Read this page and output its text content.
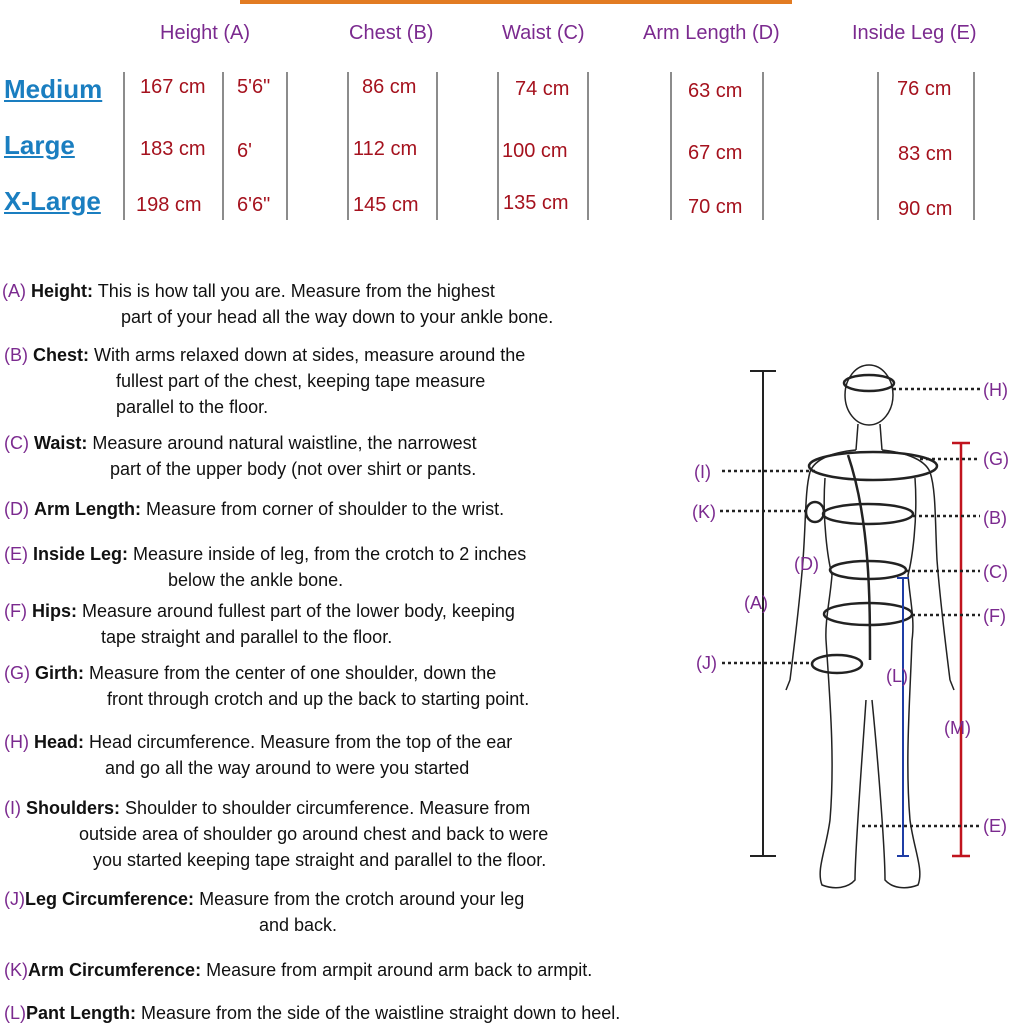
Height (A)	Chest (B)	Waist (C)	Arm Length (D)	Inside Leg (E)
Medium 167 cm 5'6"	86 cm	74 cm	63 cm	76 cm
Large	183 cm 6'	112 cm	100 cm	67 cm	83 cm
X-Large 198 cm 6'6"	145 cm	135 cm	70 cm	90 cm
(A) Height: This is how tall you are. Measure from the highest
part of your head all the way down to your ankle bone.
(B) Chest: With arms relaxed down at sides, measure around the
fullest part of the chest, keeping tape measure
parallel to the floor.
(C) Waist: Measure around natural waistline, the narrowest
part of the upper body (not over shirt or pants.
(D) Arm Length: Measure from corner of shoulder to the wrist.
(E) Inside Leg: Measure inside of leg, from the crotch to 2 inches
below the ankle bone.
(F) Hips: Measure around fullest part of the lower body, keeping
tape straight and parallel to the floor.
(G) Girth: Measure from the center of one shoulder, down the
front through crotch and up the back to starting point.
(H) Head: Head circumference. Measure from the top of the ear
and go all the way around to were you started
(I) Shoulders: Shoulder to shoulder circumference. Measure from
outside area of shoulder go around chest and back to were
you started keeping tape straight and parallel to the floor.
(J)Leg Circumference: Measure from the crotch around your leg
and back.
(K)Arm Circumference: Measure from armpit around arm back to armpit.
(L)Pant Length: Measure from the side of the waistline straight down to heel.
(H)
(G)
(I)
(K)	(B)
(D)	(C)
(A)
(F)
(J)
(L)
(M)
(E)
